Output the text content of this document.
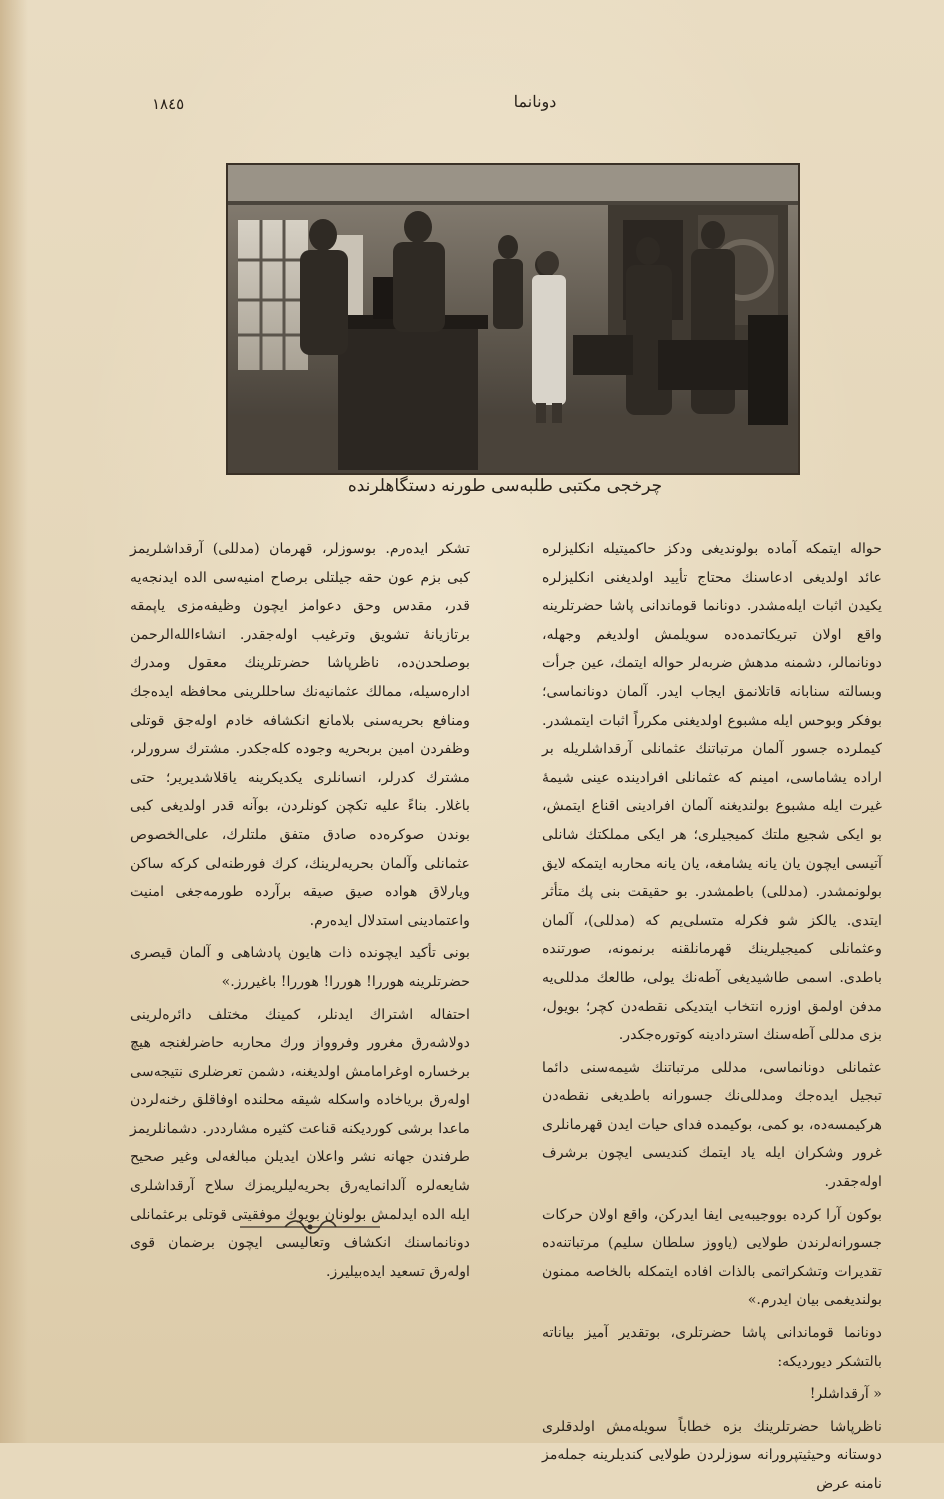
١٨٤٥	دونانما
چرخجی مکتبی طلبه‌سی طورنه دستگاهلرنده

حواله ایتمکه آماده بولوندیغی ودکز حاکمیتیله انکلیزلره عائد اولدیغی ادعاسنك محتاج تأیید اولدیغنی انکلیزلره یکیدن اثبات ایله‌مشدر. دونانما قوماندانی پاشا حضرتلرینه واقع اولان تبریکاتمده‌ده سویلمش اولدیغم وجهله، دونانمالر، دشمنه مدهش ضربه‌لر حواله ایتمك، عین جرأت وبسالته سنابانه قاتلانمق ایجاب ایدر. آلمان دونانماسی؛ بوفکر وبوحس ایله مشبوع اولدیغنی مکرراً اثبات ایتمشدر. کیملرده جسور آلمان مرتباتنك عثمانلی آرقداشلریله بر اراده یشاماسی، امینم که عثمانلی افرادینده عینی شیمهٔ غیرت ایله مشبوع بولندیغنه آلمان افرادینی اقناع ایتمش، بو ایکی شجیع ملتك کمیجیلری؛ هر ایکی مملکتك شانلی آتیسی ایچون یان یانه یشامغه، یان یانه محاربه ایتمکه لایق بولونمشدر. (مدللی) باطمشدر. بو حقیقت بنی پك متأثر ایتدی. یالکز شو فکرله متسلی‌یم که (مدللی)، آلمان وعثمانلی کمیجیلرینك قهرمانلقنه برنمونه، صورتنده باطدی. اسمی طاشیدیغی آطه‌نك یولی، طالعك مدللی‌یه مدفن اولمق اوزره انتخاب ایتدیکی نقطه‌دن کچر؛ بویول، بزی مدللی آطه‌سنك استردادینه کوتوره‌جکدر.

عثمانلی دونانماسی، مدللی مرتباتنك شیمه‌سنی دائما تبجیل ایده‌جك ومدللی‌نك جسورانه باطدیغی نقطه‌دن هرکیمسه‌ده، بو کمی، بوکیمده فدای حیات ایدن قهرمانلری غرور وشکران ایله یاد ایتمك کندیسی ایچون برشرف اوله‌جقدر.

بوکون آرا کرده بووجیبه‌یی ایفا ایدرکن، واقع اولان حرکات جسورانه‌لرندن طولایی (یاووز سلطان سلیم) مرتباتنه‌ده تقدیرات وتشکراتمی بالذات افاده ایتمکله بالخاصه ممنون بولندیغمی بیان ایدرم.»

دونانما قوماندانی پاشا حضرتلری، بوتقدیر آمیز بیاناته بالتشکر دیوردیکه:

« آرقداشلر!

ناظرپاشا حضرتلرینك بزه خطاباً سویله‌مش اولدقلری دوستانه وحیثیتپرورانه سوزلردن طولایی کندیلرینه جمله‌مز نامنه عرض

تشکر ایده‌رم. بوسوزلر، قهرمان (مدللی) آرقداشلریمز کبی بزم عون حقه جیلتلی برصاح امنیه‌سی الده ایدنجه‌یه قدر، مقدس وحق دعوامز ایچون وظیفه‌مزی یاپمقه برتازیانهٔ تشویق وترغیب اوله‌جقدر. انشاءالله‌الرحمن بوصلحدن‌ده، ناظرپاشا حضرتلرینك معقول ومدرك اداره‌سیله، ممالك عثمانیه‌نك ساحللرینی محافظه ایده‌جك ومنافع بحریه‌سنی بلامانع انکشافه خادم اوله‌جق قوتلی وظفردن امین بربحریه وجوده کله‌جکدر. مشترك سرورلر، مشترك کدرلر، انسانلری یکدیکرینه یاقلاشدیریر؛ حتی باغلار. بناءً علیه تکچن کونلردن، بوآنه قدر اولدیغی کبی بوندن صوکره‌ده صادق متفق ملتلرك، علی‌الخصوص عثمانلی وآلمان بحریه‌لرینك، کرك فورطنه‌لی کرکه ساکن ویارلاق هواده صیق صیقه برآرده طورمه‌جغی امنیت واعتمادینی استدلال ایده‌رم.

بونی تأکید ایچونده ذات هایون پادشاهی و آلمان قیصری حضرتلرینه هوررا! هوررا! هوررا! باغیررز.»

احتفاله اشتراك ایدنلر، کمینك مختلف دائره‌لرینی دولاشه‌رق مغرور وفروواز ورك محاربه حاضرلغنجه هیچ برخساره اوغرامامش اولدیغنه، دشمن تعرضلری نتیجه‌سی اوله‌رق بریاخاده واسکله شیقه محلنده اوفاقلق رخنه‌لردن ماعدا برشی کوردیکنه قناعت کثیره مشارددر. دشمانلریمز طرفندن جهانه نشر واعلان ایدیلن مبالغه‌لی وغیر صحیح شایعه‌لره آلدانمایه‌رق بحریه‌لیلریمزك سلاح آرقداشلری ایله الده ایدلمش بولونان بویوك موفقیتی قوتلی برعثمانلی دونانماسنك انکشاف وتعالیسی ایچون برضمان قوی اوله‌رق تسعید ایده‌بیلیرز.
